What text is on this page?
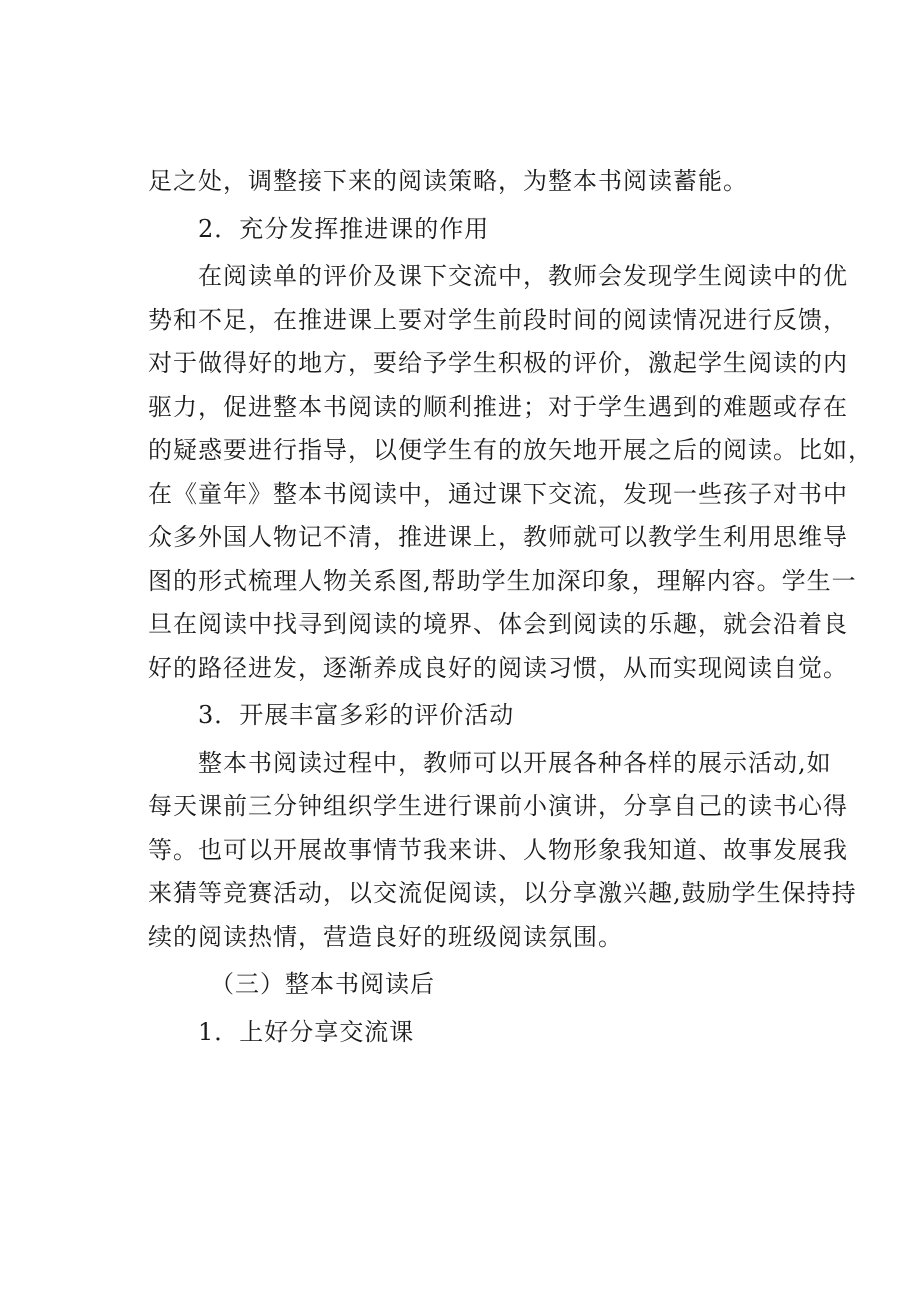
足之处，调整接下来的阅读策略，为整本书阅读蓄能。
2．充分发挥推进课的作用
在阅读单的评价及课下交流中，教师会发现学生阅读中的优
势和不足，在推进课上要对学生前段时间的阅读情况进行反馈，
对于做得好的地方，要给予学生积极的评价，激起学生阅读的内
驱力，促进整本书阅读的顺利推进；对于学生遇到的难题或存在
的疑惑要进行指导，以便学生有的放矢地开展之后的阅读。比如，
在《童年》整本书阅读中，通过课下交流，发现一些孩子对书中
众多外国人物记不清，推进课上，教师就可以教学生利用思维导
图的形式梳理人物关系图,帮助学生加深印象，理解内容。学生一
旦在阅读中找寻到阅读的境界、体会到阅读的乐趣，就会沿着良
好的路径进发，逐渐养成良好的阅读习惯，从而实现阅读自觉。
3．开展丰富多彩的评价活动
整本书阅读过程中，教师可以开展各种各样的展示活动,如
每天课前三分钟组织学生进行课前小演讲，分享自己的读书心得
等。也可以开展故事情节我来讲、人物形象我知道、故事发展我
来猜等竞赛活动，以交流促阅读，以分享激兴趣,鼓励学生保持持
续的阅读热情，营造良好的班级阅读氛围。
（三）整本书阅读后
1．上好分享交流课
